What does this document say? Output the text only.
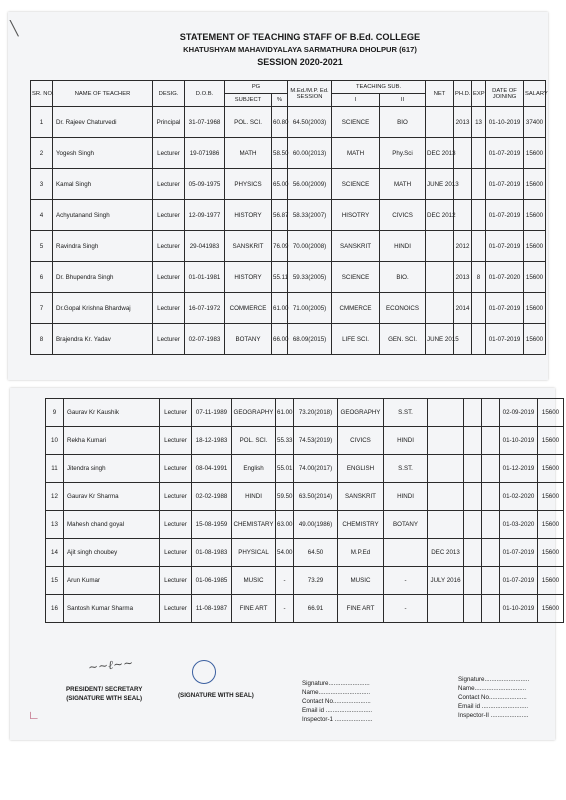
STATEMENT OF TEACHING STAFF OF B.Ed. COLLEGE
KHATUSHYAM MAHAVIDYALAYA SARMATHURA DHOLPUR (617)
SESSION 2020-2021
SR. NO.	NAME OF TEACHER	DESIG.	D.O.B.	PG		M.Ed./M.P. Ed. SESSION	TEACHING SUB.		NET	PH.D.	EXP	DATE OF JOINING	SALARY
				SUBJECT	%		I	II					
1	Dr. Rajeev Chaturvedi	Principal	31-07-1968	POL. SCI.	60.80	64.50(2003)	SCIENCE	BIO		2013	13	01-10-2019	37400
2	Yogesh Singh	Lecturer	19-071986	MATH	58.50	60.00(2013)	MATH	Phy.Sci	DEC 2013			01-07-2019	15600
3	Kamal Singh	Lecturer	05-09-1975	PHYSICS	65.00	56.00(2009)	SCIENCE	MATH	JUNE 2013			01-07-2019	15600
4	Achyutanand Singh	Lecturer	12-09-1977	HISTORY	56.87	58.33(2007)	HISOTRY	CIVICS	DEC 2012			01-07-2019	15600
5	Ravindra Singh	Lecturer	29-041983	SANSKRIT	76.09	70.00(2008)	SANSKRIT	HINDI		2012		01-07-2019	15600
6	Dr. Bhupendra Singh	Lecturer	01-01-1981	HISTORY	55.11	59.33(2005)	SCIENCE	BIO.		2013	8	01-07-2020	15600
7	Dr.Gopal Krishna Bhardwaj	Lecturer	16-07-1972	COMMERCE	61.00	71.00(2005)	CMMERCE	ECONOICS		2014		01-07-2019	15600
8	Brajendra Kr. Yadav	Lecturer	02-07-1983	BOTANY	66.00	68.09(2015)	LIFE SCI.	GEN. SCI.	JUNE 2015			01-07-2019	15600
9	Gaurav Kr Kaushik	Lecturer	07-11-1989	GEOGRAPHY	61.00	73.20(2018)	GEOGRAPHY	S.ST.				02-09-2019	15600
10	Rekha Kumari	Lecturer	18-12-1983	POL. SCI.	55.33	74.53(2019)	CIVICS	HINDI				01-10-2019	15600
11	Jitendra singh	Lecturer	08-04-1991	English	55.01	74.00(2017)	ENGLISH	S.ST.				01-12-2019	15600
12	Gaurav Kr Sharma	Lecturer	02-02-1988	HINDI	59.50	63.50(2014)	SANSKRIT	HINDI				01-02-2020	15600
13	Mahesh chand goyal	Lecturer	15-08-1959	CHEMISTARY	63.00	49.00(1986)	CHEMISTRY	BOTANY				01-03-2020	15600
14	Ajit singh choubey	Lecturer	01-08-1983	PHYSICAL	54.00	64.50	M.P.Ed		DEC 2013			01-07-2019	15600
15	Arun Kumar	Lecturer	01-06-1985	MUSIC	-	73.29	MUSIC	-	JULY 2016			01-07-2019	15600
16	Santosh Kumar Sharma	Lecturer	11-08-1987	FINE ART	-	66.91	FINE ART	-				01-10-2019	15600
~~ℓ~~
PRESIDENT/ SECRETARY
(SIGNATURE WITH SEAL)	(SIGNATURE WITH SEAL)
Signature........................
Name..............................
Contact No......................
Email id ...........................
Inspector-1 ......................
Signature..........................
Name..............................
Contact No......................
Email id ...........................
Inspector-II ......................
╲
∟
